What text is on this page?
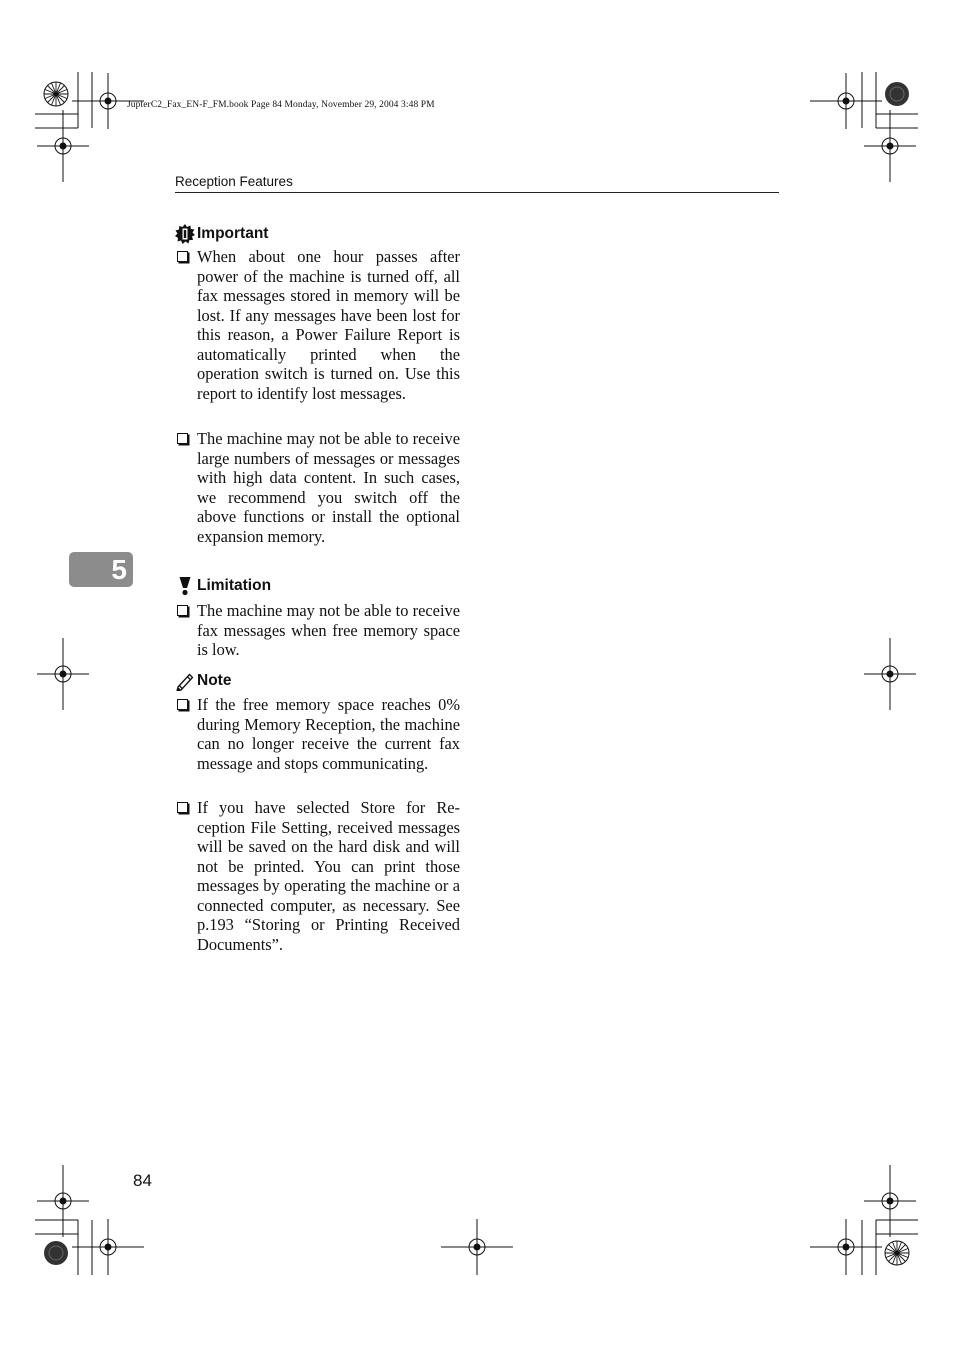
JupterC2_Fax_EN-F_FM.book Page 84 Monday, November 29, 2004 3:48 PM
Reception Features
5
Important
When about one hour passes after power of the machine is turned off, all fax messages stored in memory will be lost. If any messages have been lost for this reason, a Power Failure Report is automatically printed when the operation switch is turned on. Use this report to identify lost messages.
The machine may not be able to receive large numbers of messages or messages with high data content. In such cases, we recommend you switch off the above functions or install the optional expansion memory.
Limitation
The machine may not be able to receive fax messages when free memory space is low.
Note
If the free memory space reaches 0% during Memory Reception, the machine can no longer receive the current fax message and stops communicating.
If you have selected Store for Reception File Setting, received messages will be saved on the hard disk and will not be printed. You can print those messages by operating the machine or a connected computer, as necessary. See p.193 “Storing or Printing Received Documents”.
84
